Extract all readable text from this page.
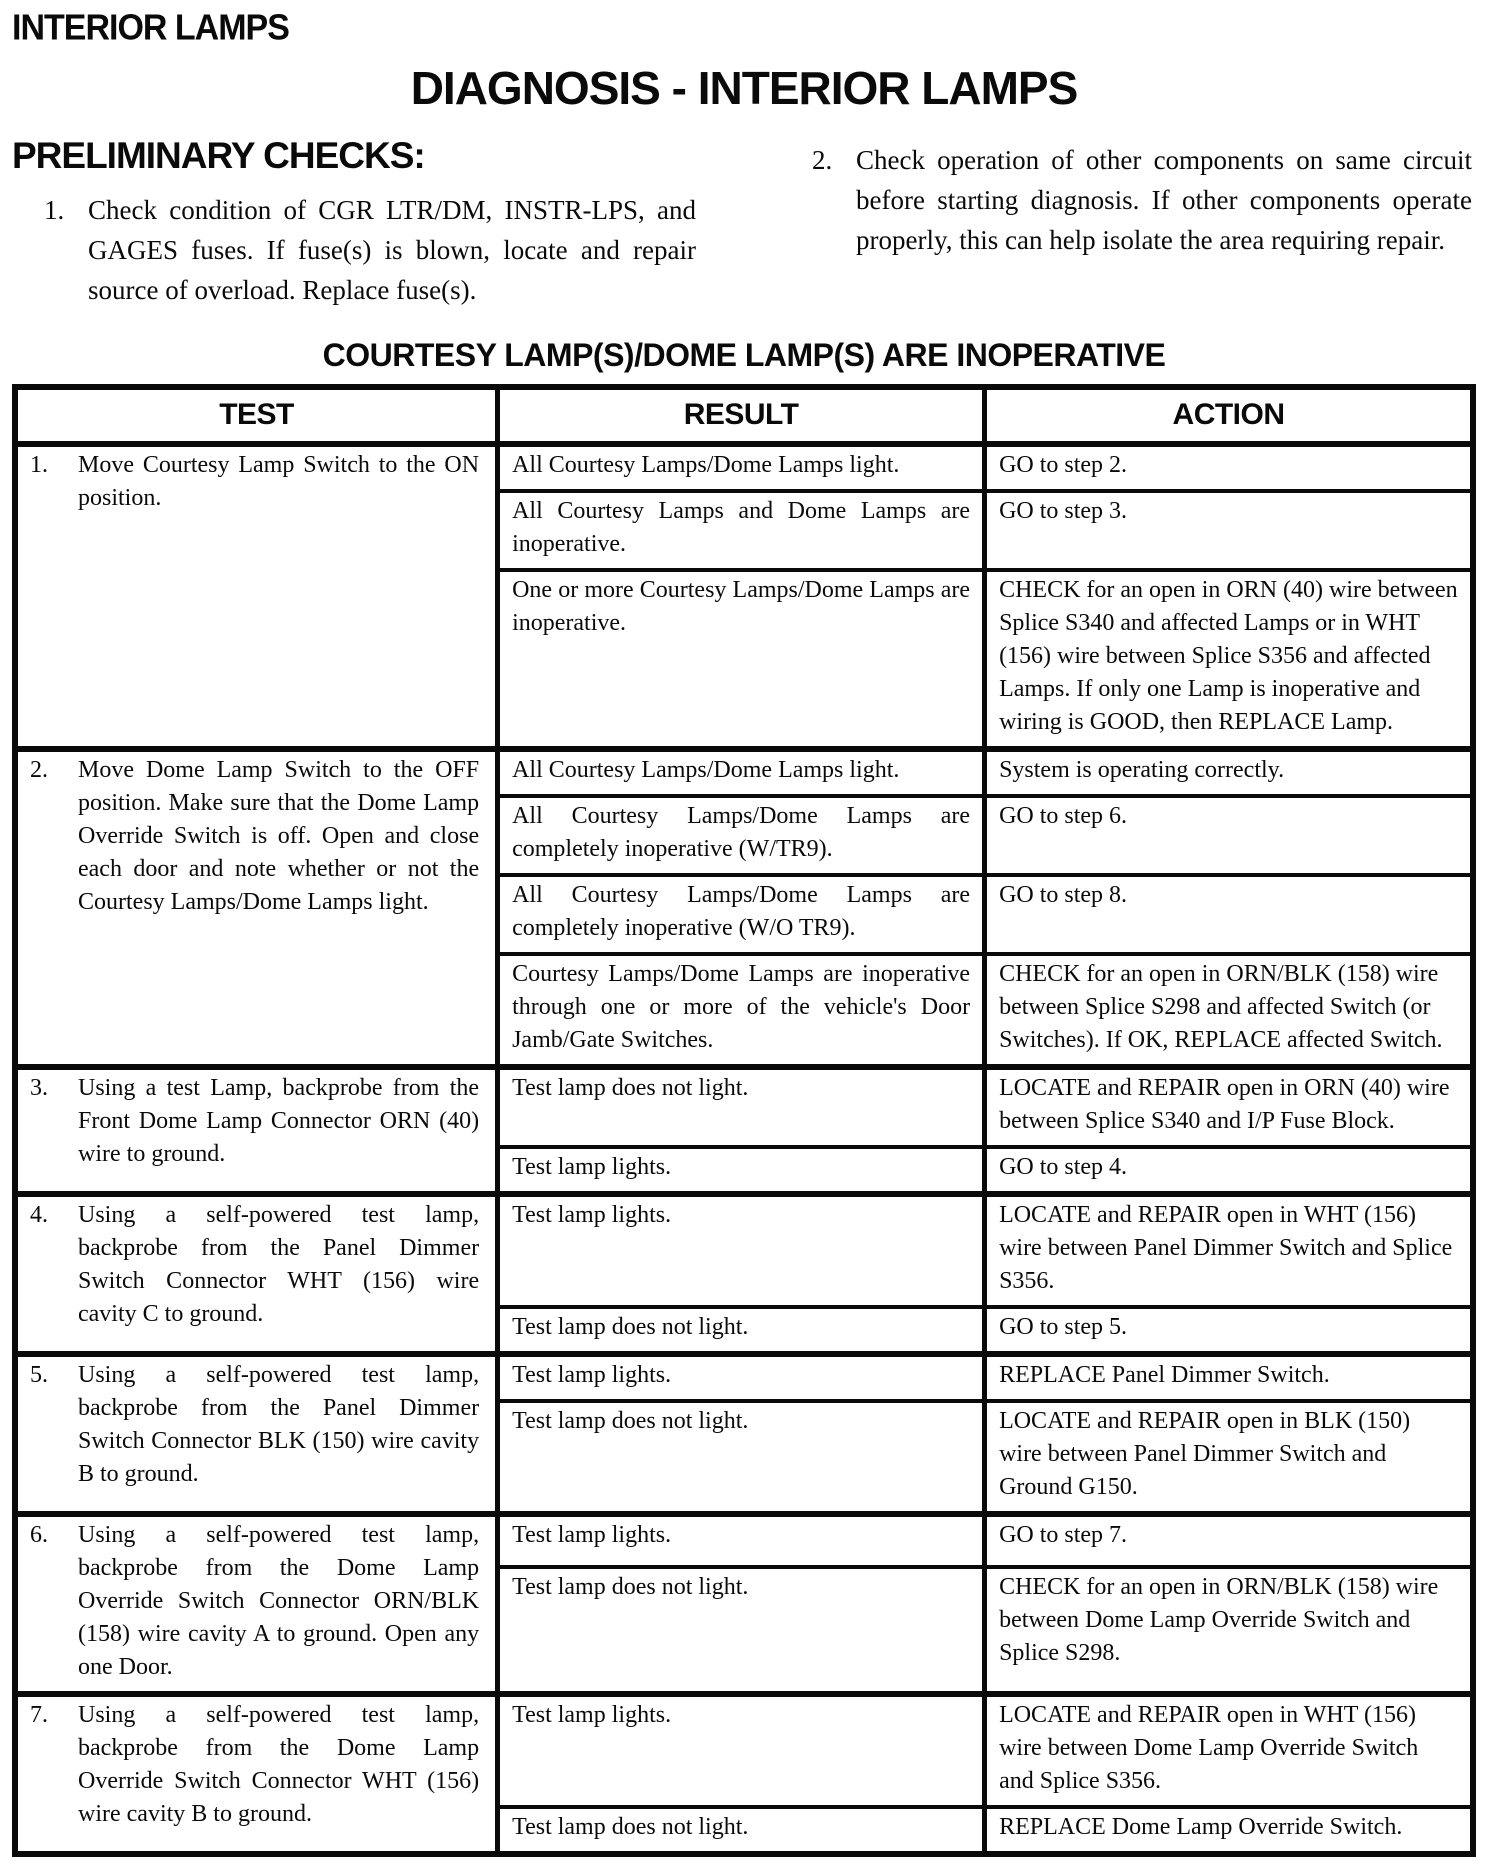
INTERIOR LAMPS
DIAGNOSIS - INTERIOR LAMPS
PRELIMINARY CHECKS:
1. Check condition of CGR LTR/DM, INSTR-LPS, and GAGES fuses. If fuse(s) is blown, locate and repair source of overload. Replace fuse(s).
2. Check operation of other components on same circuit before starting diagnosis. If other components operate properly, this can help isolate the area requiring repair.
COURTESY LAMP(S)/DOME LAMP(S) ARE INOPERATIVE
TEST	RESULT	ACTION
1. Move Courtesy Lamp Switch to the ON position.	All Courtesy Lamps/Dome Lamps light.	GO to step 2.
	All Courtesy Lamps and Dome Lamps are inoperative.	GO to step 3.
	One or more Courtesy Lamps/Dome Lamps are inoperative.	CHECK for an open in ORN (40) wire between Splice S340 and affected Lamps or in WHT (156) wire between Splice S356 and affected Lamps. If only one Lamp is inoperative and wiring is GOOD, then REPLACE Lamp.
2. Move Dome Lamp Switch to the OFF position. Make sure that the Dome Lamp Override Switch is off. Open and close each door and note whether or not the Courtesy Lamps/Dome Lamps light.	All Courtesy Lamps/Dome Lamps light.	System is operating correctly.
	All Courtesy Lamps/Dome Lamps are completely inoperative (W/TR9).	GO to step 6.
	All Courtesy Lamps/Dome Lamps are completely inoperative (W/O TR9).	GO to step 8.
	Courtesy Lamps/Dome Lamps are inoperative through one or more of the vehicle's Door Jamb/Gate Switches.	CHECK for an open in ORN/BLK (158) wire between Splice S298 and affected Switch (or Switches). If OK, REPLACE affected Switch.
3. Using a test Lamp, backprobe from the Front Dome Lamp Connector ORN (40) wire to ground.	Test lamp does not light.	LOCATE and REPAIR open in ORN (40) wire between Splice S340 and I/P Fuse Block.
	Test lamp lights.	GO to step 4.
4. Using a self-powered test lamp, backprobe from the Panel Dimmer Switch Connector WHT (156) wire cavity C to ground.	Test lamp lights.	LOCATE and REPAIR open in WHT (156) wire between Panel Dimmer Switch and Splice S356.
	Test lamp does not light.	GO to step 5.
5. Using a self-powered test lamp, backprobe from the Panel Dimmer Switch Connector BLK (150) wire cavity B to ground.	Test lamp lights.	REPLACE Panel Dimmer Switch.
	Test lamp does not light.	LOCATE and REPAIR open in BLK (150) wire between Panel Dimmer Switch and Ground G150.
6. Using a self-powered test lamp, backprobe from the Dome Lamp Override Switch Connector ORN/BLK (158) wire cavity A to ground. Open any one Door.	Test lamp lights.	GO to step 7.
	Test lamp does not light.	CHECK for an open in ORN/BLK (158) wire between Dome Lamp Override Switch and Splice S298.
7. Using a self-powered test lamp, backprobe from the Dome Lamp Override Switch Connector WHT (156) wire cavity B to ground.	Test lamp lights.	LOCATE and REPAIR open in WHT (156) wire between Dome Lamp Override Switch and Splice S356.
	Test lamp does not light.	REPLACE Dome Lamp Override Switch.
